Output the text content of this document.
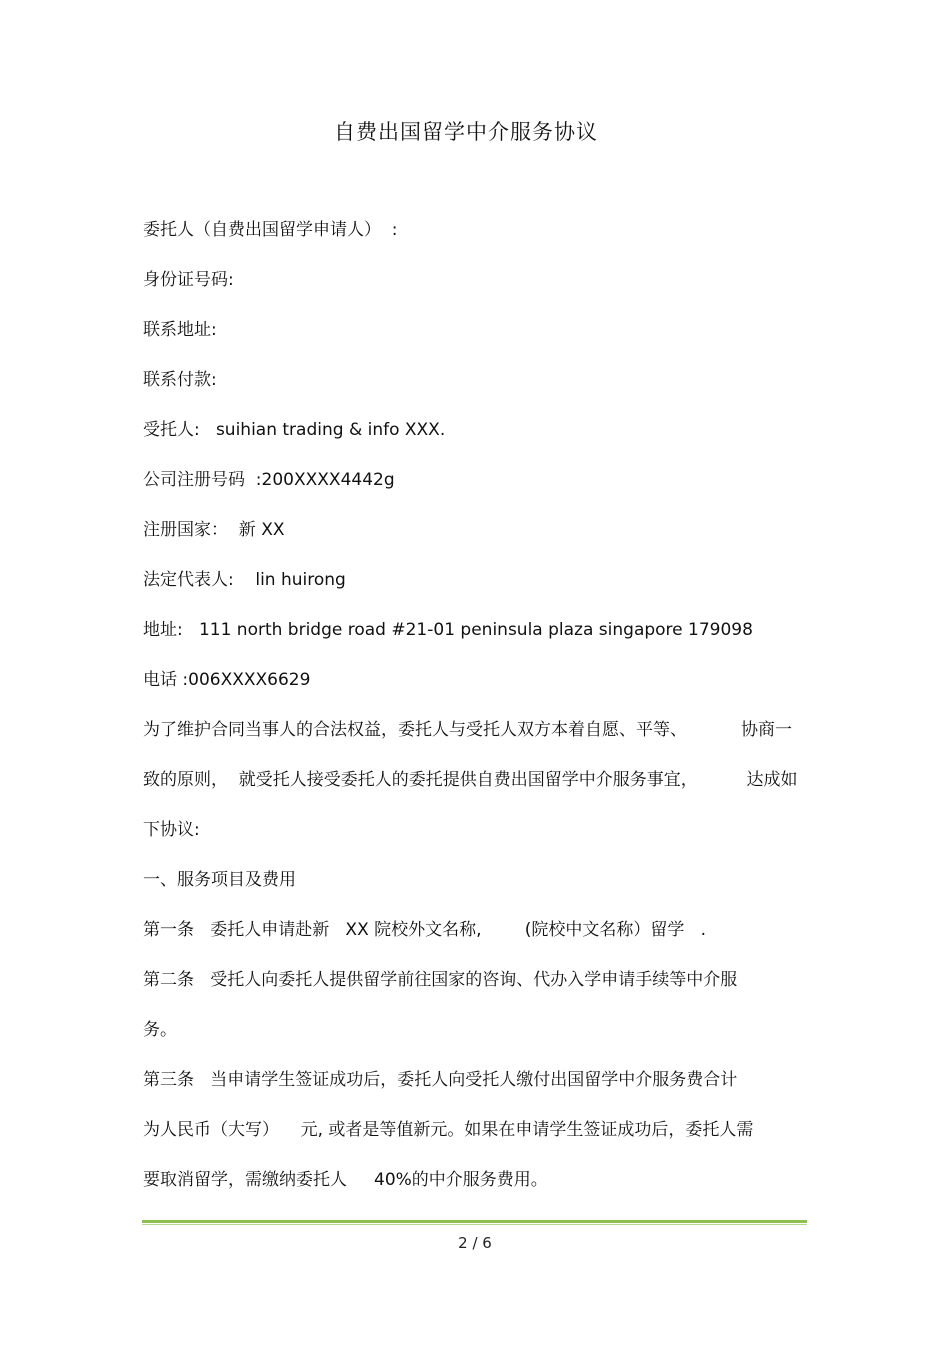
自费出国留学中介服务协议
委托人（自费出国留学申请人）  :
身份证号码:
联系地址:
联系付款:
受托人:   suihian trading & info XXX.
公司注册号码  :200XXXX4442g
注册国家：  新 XX
法定代表人:    lin huirong
地址:   111 north bridge road #21-01 peninsula plaza singapore 179098
电话 :006XXXX6629
为了维护合同当事人的合法权益，委托人与受托人双方本着自愿、平等、          协商一
致的原则，  就受托人接受委托人的委托提供自费出国留学中介服务事宜，         达成如
下协议:
一、服务项目及费用
第一条   委托人申请赴新   XX 院校外文名称,        (院校中文名称）留学   .
第二条   受托人向委托人提供留学前往国家的咨询、代办入学申请手续等中介服
务。
第三条   当申请学生签证成功后，委托人向受托人缴付出国留学中介服务费合计
为人民币（大写）    元, 或者是等值新元。如果在申请学生签证成功后，委托人需
要取消留学，需缴纳委托人     40%的中介服务费用。
2 / 6
